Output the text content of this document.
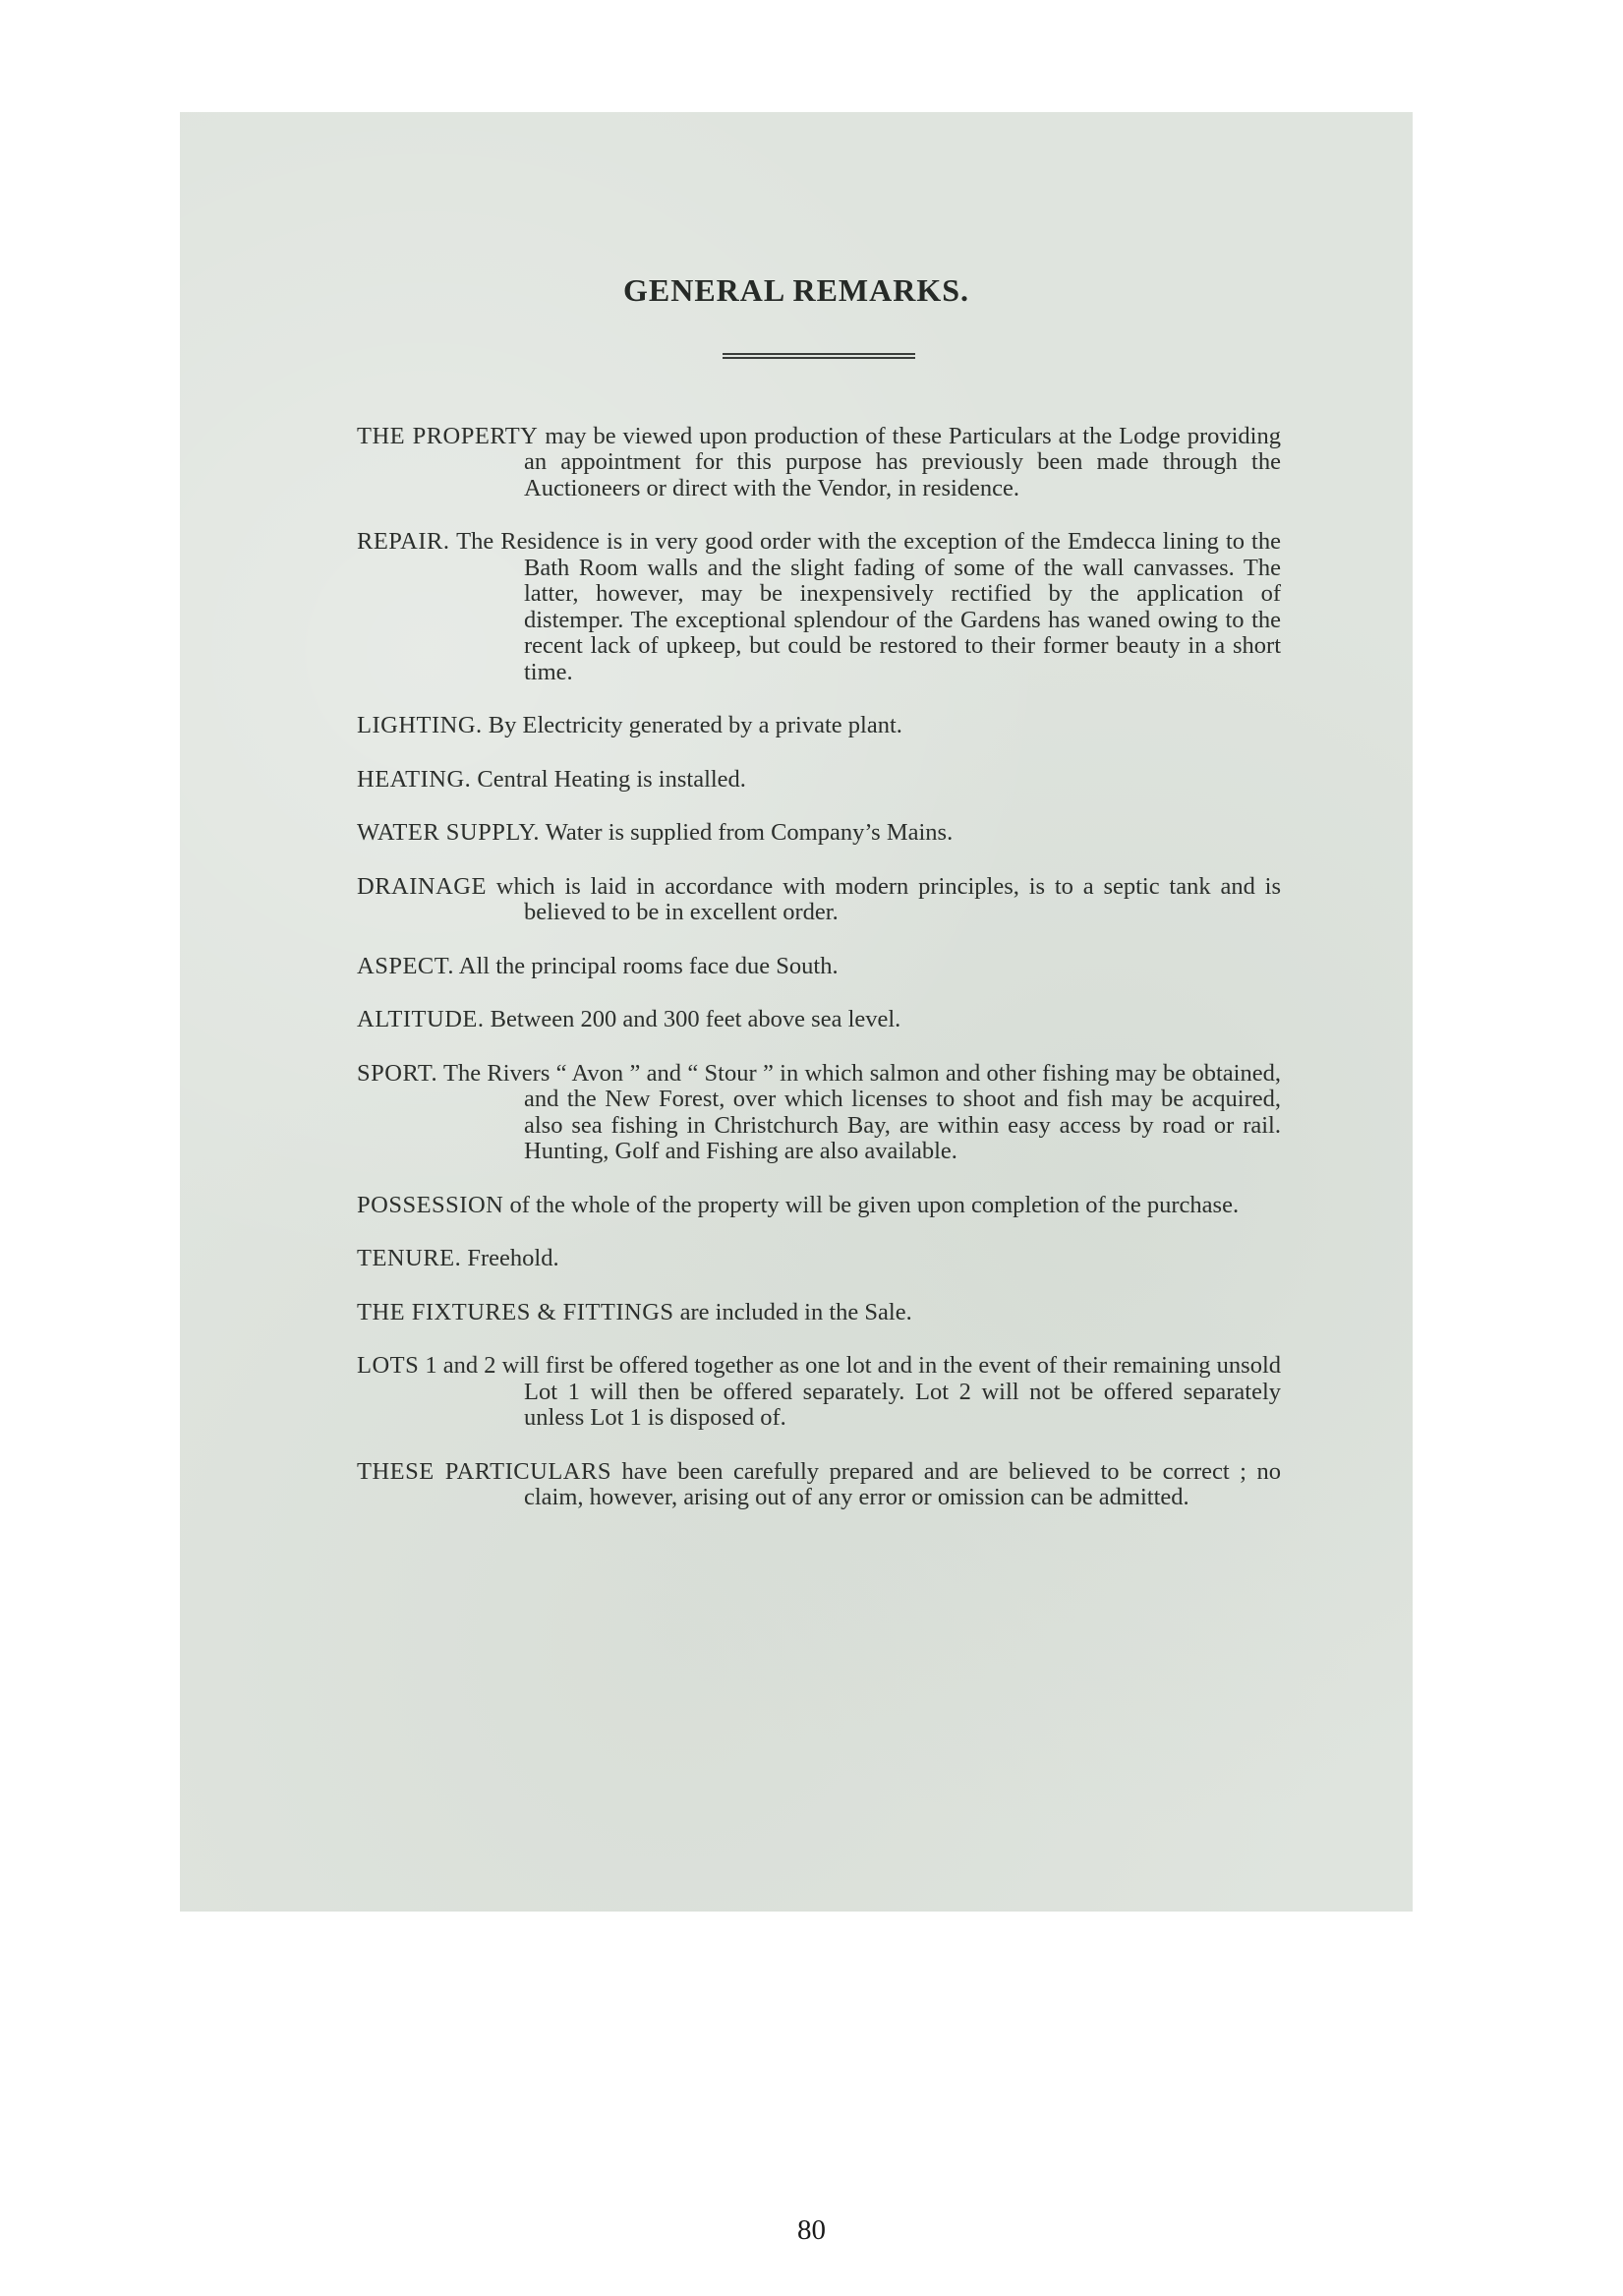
GENERAL REMARKS.

THE PROPERTY may be viewed upon production of these Particulars at the Lodge providing an appointment for this purpose has previously been made through the Auctioneers or direct with the Vendor, in residence.

REPAIR. The Residence is in very good order with the exception of the Emdecca lining to the Bath Room walls and the slight fading of some of the wall canvasses. The latter, however, may be inexpensively rectified by the application of distemper. The exceptional splendour of the Gardens has waned owing to the recent lack of upkeep, but could be restored to their former beauty in a short time.

LIGHTING. By Electricity generated by a private plant.

HEATING. Central Heating is installed.

WATER SUPPLY. Water is supplied from Company’s Mains.

DRAINAGE which is laid in accordance with modern principles, is to a septic tank and is believed to be in excellent order.

ASPECT. All the principal rooms face due South.

ALTITUDE. Between 200 and 300 feet above sea level.

SPORT. The Rivers “ Avon ” and “ Stour ” in which salmon and other fishing may be obtained, and the New Forest, over which licenses to shoot and fish may be acquired, also sea fishing in Christchurch Bay, are within easy access by road or rail. Hunting, Golf and Fishing are also available.

POSSESSION of the whole of the property will be given upon completion of the purchase.

TENURE. Freehold.

THE FIXTURES & FITTINGS are included in the Sale.

LOTS 1 and 2 will first be offered together as one lot and in the event of their remaining unsold Lot 1 will then be offered separately. Lot 2 will not be offered separately unless Lot 1 is disposed of.

THESE PARTICULARS have been carefully prepared and are believed to be correct ; no claim, however, arising out of any error or omission can be admitted.

80
